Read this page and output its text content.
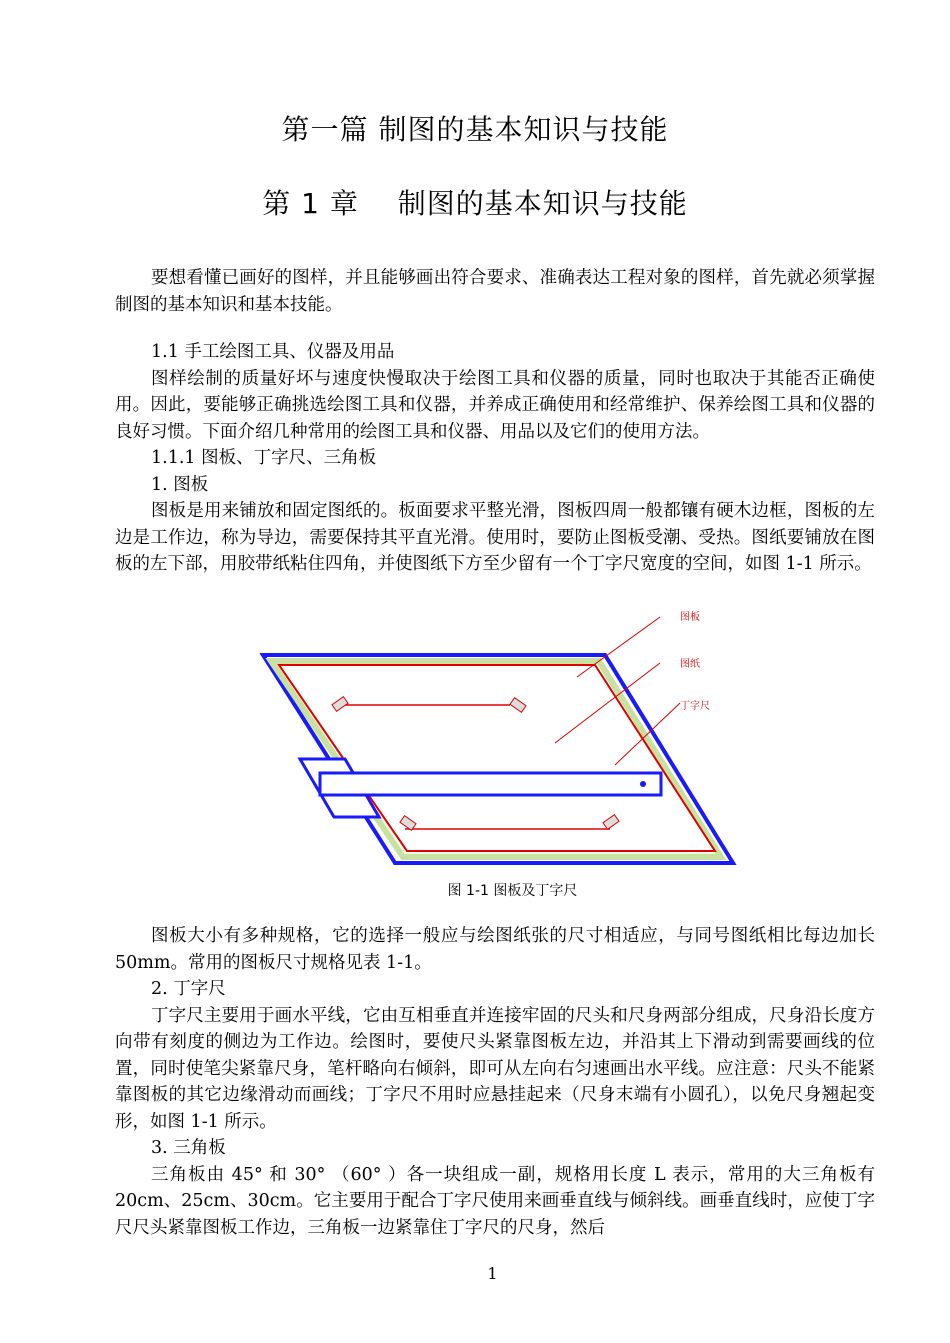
第一篇 制图的基本知识与技能
第 1 章　 制图的基本知识与技能

要想看懂已画好的图样，并且能够画出符合要求、准确表达工程对象的图样，首先就必须掌握制图的基本知识和基本技能。

1.1 手工绘图工具、仪器及用品

图样绘制的质量好坏与速度快慢取决于绘图工具和仪器的质量，同时也取决于其能否正确使用。因此，要能够正确挑选绘图工具和仪器，并养成正确使用和经常维护、保养绘图工具和仪器的良好习惯。下面介绍几种常用的绘图工具和仪器、用品以及它们的使用方法。

1.1.1 图板、丁字尺、三角板

1. 图板

图板是用来铺放和固定图纸的。板面要求平整光滑，图板四周一般都镶有硬木边框，图板的左边是工作边，称为导边，需要保持其平直光滑。使用时，要防止图板受潮、受热。图纸要铺放在图板的左下部，用胶带纸粘住四角，并使图纸下方至少留有一个丁字尺宽度的空间，如图 1-1 所示。

图板
图纸
丁字尺
图 1-1 图板及丁字尺

图板大小有多种规格，它的选择一般应与绘图纸张的尺寸相适应，与同号图纸相比每边加长 50mm。常用的图板尺寸规格见表 1-1。

2. 丁字尺

丁字尺主要用于画水平线，它由互相垂直并连接牢固的尺头和尺身两部分组成，尺身沿长度方向带有刻度的侧边为工作边。绘图时，要使尺头紧靠图板左边，并沿其上下滑动到需要画线的位置，同时使笔尖紧靠尺身，笔杆略向右倾斜，即可从左向右匀速画出水平线。应注意：尺头不能紧靠图板的其它边缘滑动而画线；丁字尺不用时应悬挂起来（尺身末端有小圆孔），以免尺身翘起变形，如图 1-1 所示。

3. 三角板

三角板由 45° 和 30° （60° ）各一块组成一副，规格用长度 L 表示，常用的大三角板有 20cm、25cm、30cm。它主要用于配合丁字尺使用来画垂直线与倾斜线。画垂直线时，应使丁字尺尺头紧靠图板工作边，三角板一边紧靠住丁字尺的尺身，然后

1
